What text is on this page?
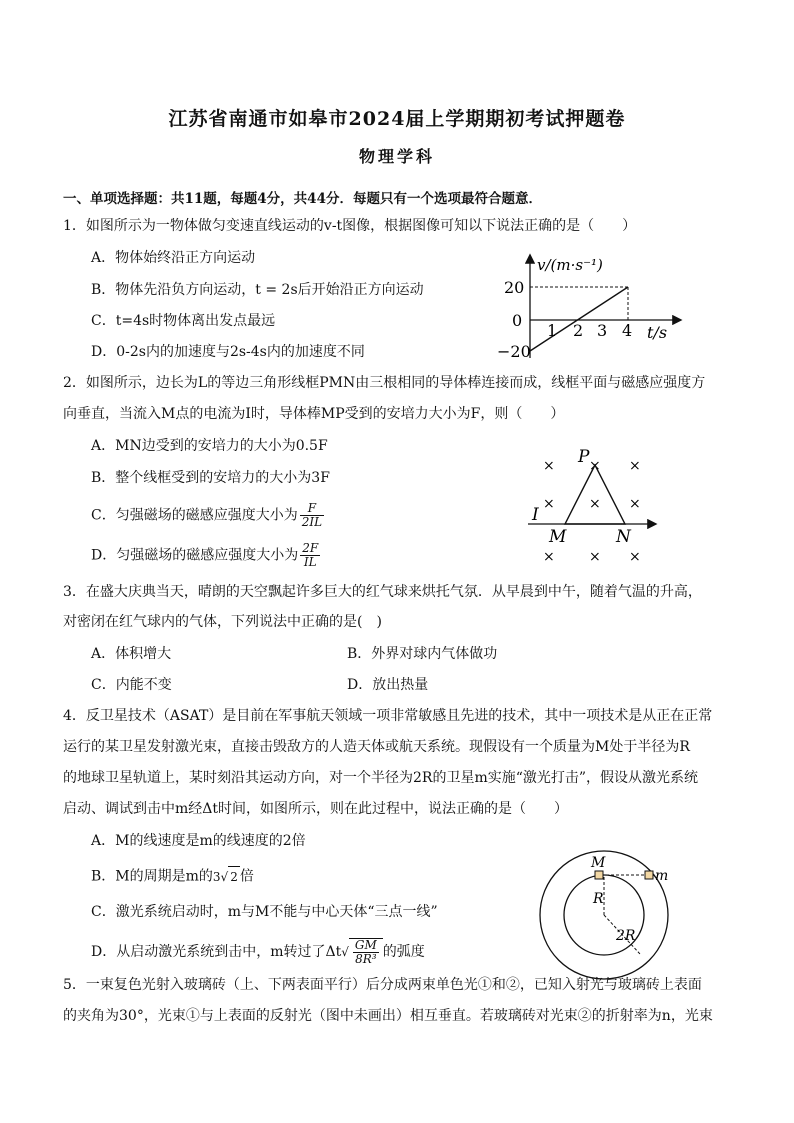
江苏省南通市如皋市2024届上学期期初考试押题卷
物理学科
一、单项选择题：共11题，每题4分，共44分．每题只有一个选项最符合题意．
1．如图所示为一物体做匀变速直线运动的v-t图像，根据图像可知以下说法正确的是（　　）
A．物体始终沿正方向运动
B．物体先沿负方向运动，t = 2s后开始沿正方向运动
C．t=4s时物体离出发点最远
D．0-2s内的加速度与2s-4s内的加速度不同
v/(m·s⁻¹)
20
0
−20
1 2 3 4 t/s
2．如图所示，边长为L的等边三角形线框PMN由三根相同的导体棒连接而成，线框平面与磁感应强度方
向垂直，当流入M点的电流为I时，导体棒MP受到的安培力大小为F，则（　　）
A．MN边受到的安培力的大小为0.5F
B．整个线框受到的安培力的大小为3F
C．匀强磁场的磁感应强度大小为 $\frac{F}{2IL}$
D．匀强磁场的磁感应强度大小为 $\frac{2F}{IL}$
× × ×
× × ×
× × ×
P
I
M	N
3．在盛大庆典当天，晴朗的天空飘起许多巨大的红气球来烘托气氛．从早晨到中午，随着气温的升高，
对密闭在红气球内的气体，下列说法中正确的是(　)
A．体积增大	B．外界对球内气体做功
C．内能不变	D．放出热量
4．反卫星技术（ASAT）是目前在军事航天领域一项非常敏感且先进的技术，其中一项技术是从正在正常
运行的某卫星发射激光束，直接击毁敌方的人造天体或航天系统。现假设有一个质量为M处于半径为R
的地球卫星轨道上，某时刻沿其运动方向，对一个半径为2R的卫星m实施“激光打击”，假设从激光系统
启动、调试到击中m经Δt时间，如图所示，则在此过程中，说法正确的是（　　）
A．M的线速度是m的线速度的2倍
B．M的周期是m的3√ 2 倍
C．激光系统启动时，m与M不能与中心天体“三点一线”
D．从启动激光系统到击中，m转过了$\Delta t√ \frac{GM}{\text{8R³}}$ 的弧度
M
m
R
2R
5．一束复色光射入玻璃砖（上、下两表面平行）后分成两束单色光①和②，已知入射光与玻璃砖上表面
的夹角为30°，光束①与上表面的反射光（图中未画出）相互垂直。若玻璃砖对光束②的折射率为n，光束
